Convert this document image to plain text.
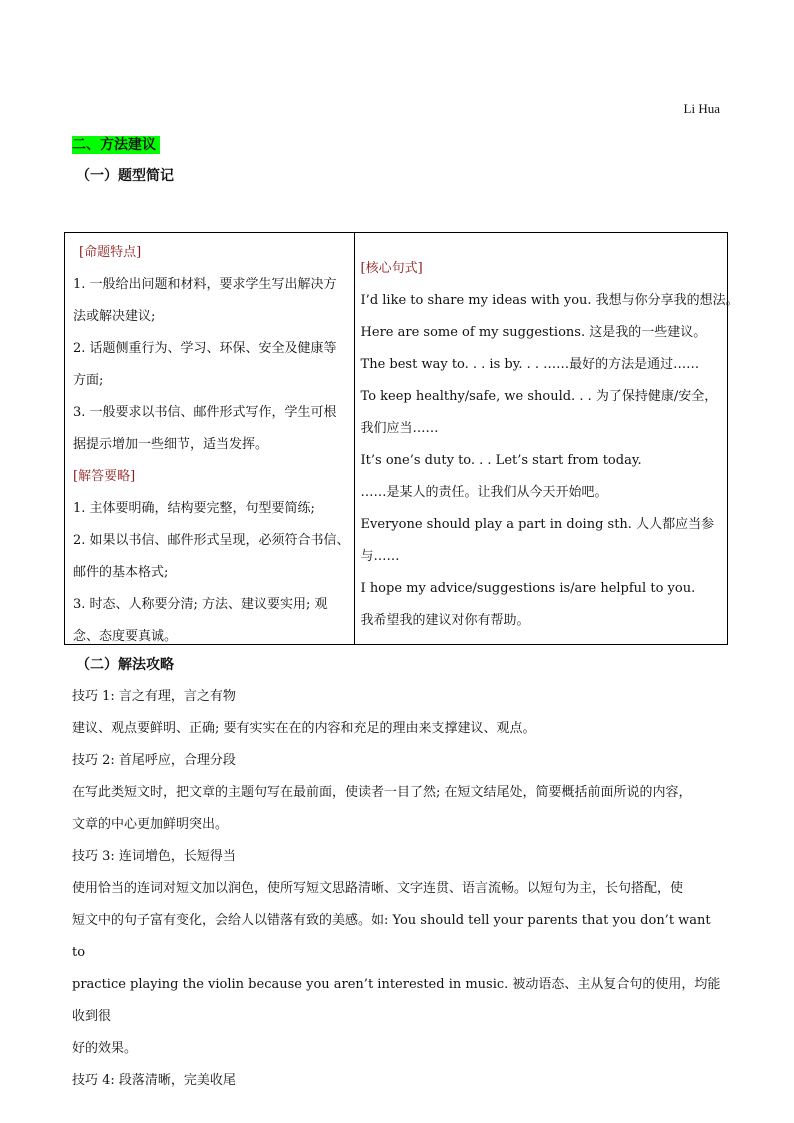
Li Hua
二、方法建议
（一）题型简记
[命题特点]
1. 一般给出问题和材料，要求学生写出解决方
法或解决建议;
2. 话题侧重行为、学习、环保、安全及健康等
方面;
3. 一般要求以书信、邮件形式写作，学生可根
据提示增加一些细节，适当发挥。
[解答要略]
1. 主体要明确，结构要完整，句型要简练;
2. 如果以书信、邮件形式呈现，必须符合书信、
邮件的基本格式;
3. 时态、人称要分清; 方法、建议要实用; 观
念、态度要真诚。
[核心句式]
I’d like to share my ideas with you. 我想与你分享我的想法。
Here are some of my suggestions. 这是我的一些建议。
The best way to. . . is by. . . ……最好的方法是通过……
To keep healthy/safe, we should. . . 为了保持健康/安全，
我们应当……
It’s one’s duty to. . . Let’s start from today.
……是某人的责任。让我们从今天开始吧。
Everyone should play a part in doing sth. 人人都应当参
与……
I hope my advice/suggestions is/are helpful to you.
我希望我的建议对你有帮助。
（二）解法攻略

技巧 1: 言之有理，言之有物

建议、观点要鲜明、正确; 要有实实在在的内容和充足的理由来支撑建议、观点。

技巧 2: 首尾呼应，合理分段

在写此类短文时，把文章的主题句写在最前面，使读者一目了然; 在短文结尾处，简要概括前面所说的内容，

文章的中心更加鲜明突出。

技巧 3: 连词增色，长短得当

使用恰当的连词对短文加以润色，使所写短文思路清晰、文字连贯、语言流畅。以短句为主，长句搭配，使

短文中的句子富有变化，会给人以错落有致的美感。如: You should tell your parents that you don’t want to

practice playing the violin because you aren’t interested in music. 被动语态、主从复合句的使用，均能收到很

好的效果。

技巧 4: 段落清晰，完美收尾
